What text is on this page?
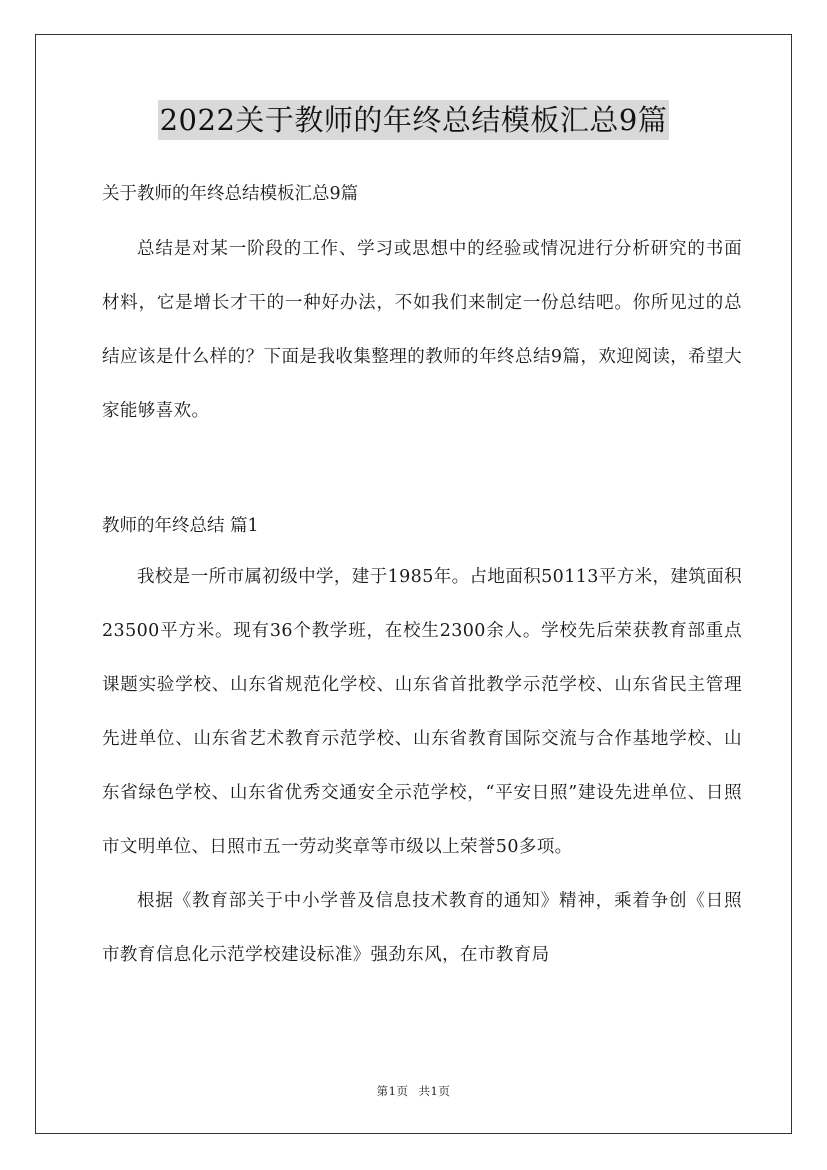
2022关于教师的年终总结模板汇总9篇

关于教师的年终总结模板汇总9篇

总结是对某一阶段的工作、学习或思想中的经验或情况进行分析研究的书面材料，它是增长才干的一种好办法，不如我们来制定一份总结吧。你所见过的总结应该是什么样的？下面是我收集整理的教师的年终总结9篇，欢迎阅读，希望大家能够喜欢。

教师的年终总结 篇1

我校是一所市属初级中学，建于1985年。占地面积50113平方米，建筑面积23500平方米。现有36个教学班，在校生2300余人。学校先后荣获教育部重点课题实验学校、山东省规范化学校、山东省首批教学示范学校、山东省民主管理先进单位、山东省艺术教育示范学校、山东省教育国际交流与合作基地学校、山东省绿色学校、山东省优秀交通安全示范学校，“平安日照”建设先进单位、日照市文明单位、日照市五一劳动奖章等市级以上荣誉50多项。

根据《教育部关于中小学普及信息技术教育的通知》精神，乘着争创《日照市教育信息化示范学校建设标准》强劲东风，在市教育局

第1页 共1页
